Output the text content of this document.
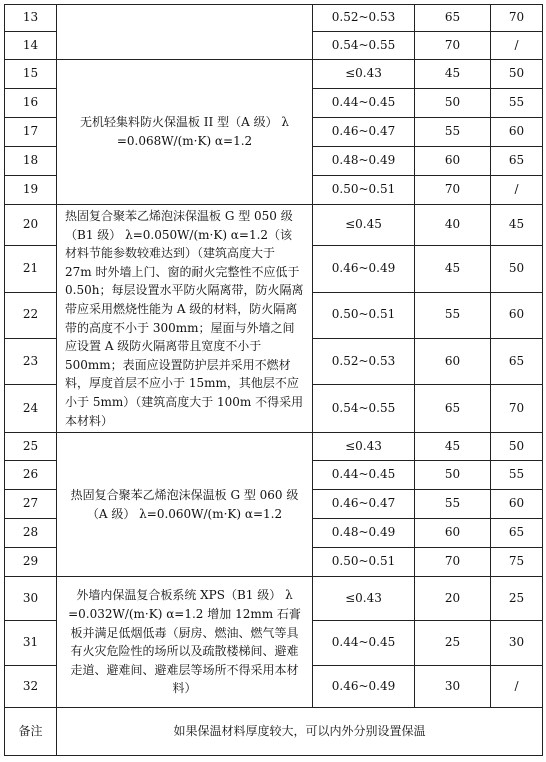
13		0.52~0.53	65	70
14		0.54~0.55	70	/
15	无机轻集料防火保温板 II 型（A 级） λ =0.068W/(m·K) α=1.2	≤0.43	45	50
16		0.44~0.45	50	55
17		0.46~0.47	55	60
18		0.48~0.49	60	65
19		0.50~0.51	70	/
20	热固复合聚苯乙烯泡沫保温板 G 型 050 级（B1 级） λ=0.050W/(m·K) α=1.2（该材料节能参数较难达到）（建筑高度大于 27m 时外墙上门、窗的耐火完整性不应低于 0.50h；每层设置水平防火隔离带，防火隔离带应采用燃烧性能为 A 级的材料，防火隔离带的高度不小于 300mm；屋面与外墙之间应设置 A 级防火隔离带且宽度不小于 500mm；表面应设置防护层并采用不燃材料，厚度首层不应小于 15mm，其他层不应小于 5mm）（建筑高度大于 100m 不得采用本材料）	≤0.45	40	45
21		0.46~0.49	45	50
22		0.50~0.51	55	60
23		0.52~0.53	60	65
24		0.54~0.55	65	70
25	热固复合聚苯乙烯泡沫保温板 G 型 060 级（A 级） λ=0.060W/(m·K) α=1.2	≤0.43	45	50
26		0.44~0.45	50	55
27		0.46~0.47	55	60
28		0.48~0.49	60	65
29		0.50~0.51	70	75
30	外墙内保温复合板系统 XPS（B1 级） λ =0.032W/(m·K) α=1.2 增加 12mm 石膏板并满足低烟低毒（厨房、燃油、燃气等具有火灾危险性的场所以及疏散楼梯间、避难走道、避难间、避难层等场所不得采用本材料）	≤0.43	20	25
31		0.44~0.45	25	30
32		0.46~0.49	30	/
备注	如果保温材料厚度较大，可以内外分别设置保温			
